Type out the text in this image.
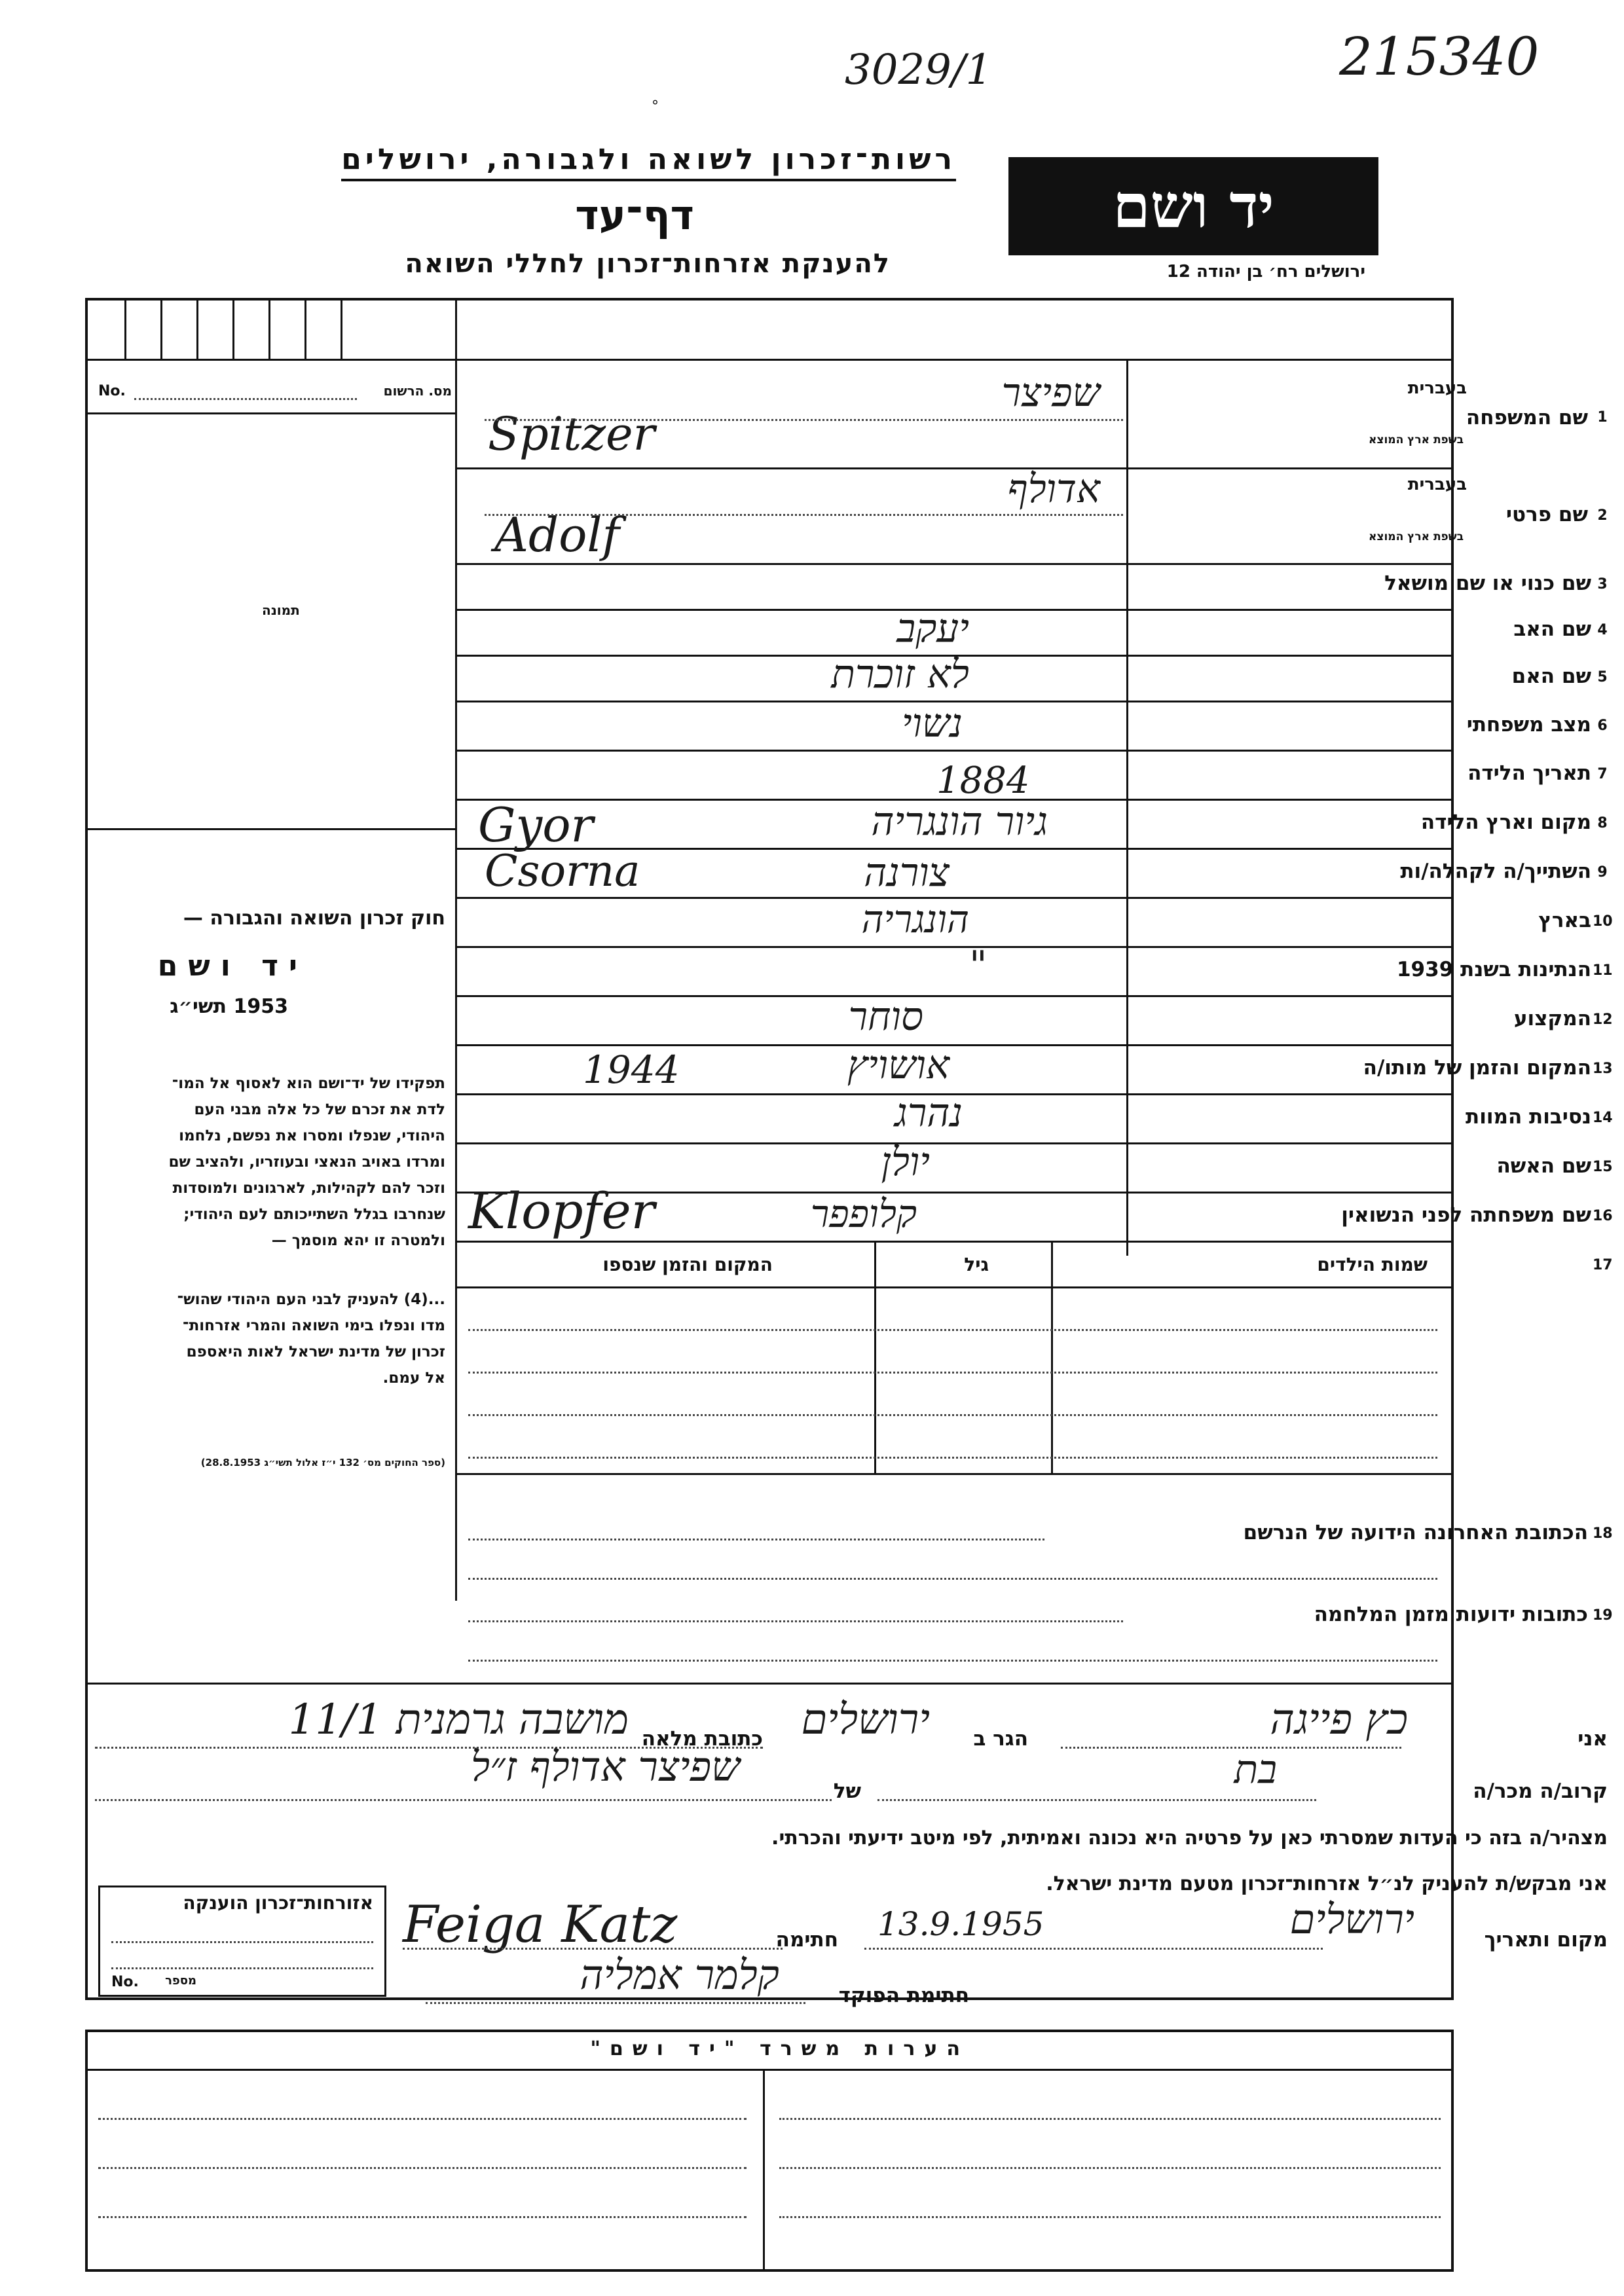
3029/1	215340
°
רשות־זכרון לשואה ולגבורה, ירושלים
דף־עד
להענקת אזרחות־זכרון לחללי השואה
יד ושם
ירושלים רח׳ בן יהודה 12
No.	מס. הרשום
תמונה
חוק זכרון השואה והגבורה —
יד ושם
1953 תשי״ג
תפקידו של יד־ושם הוא לאסוף אל המו־
לדת את זכרם של כל אלה מבני העם
היהודי, שנפלו ומסרו את נפשם, נלחמו
ומרדו באויב הנאצי ובעוזריו, ולהציב שם
וזכר להם לקהילות, לארגונים ולמוסדות
שנחרבו בגלל השתייכותם לעם היהודי;
ולמטרה זו יהא מוסמך —
...(4) להעניק לבני העם היהודי שהוש־
מדו ונפלו בימי השואה והמרי אזרחות־
זכרון של מדינת ישראל לאות היאספם
אל עמם.
(ספר החוקים מס׳ 132 י״ז אלול תשי״ג 28.8.1953)
1
בעברית
שם המשפחה
בשפת ארץ המוצא
שפיצר
Spitzer
2
בעברית
שם פרטי
בשפת ארץ המוצא
אדולף
Adolf
3
שם כנוי או שם מושאל
4
שם האב
יעקב
5
שם האם
לא זוכרת
6
מצב משפחתי
נשוי
7
תאריך הלידה
1884
8
מקום וארץ הלידה
גיור הונגריה
Gyor
9
השתייך/ה לקהלה/ות
צורנה
Csorna
10
בארץ
הונגריה
11
הנתינות בשנת 1939
"
12
המקצוע
סוחר
13
המקום והזמן של מותו/ה
אושויץ
1944
14
נסיבות המוות
נהרג
15
שם האשה
יולן
16
שם משפחתה לפני הנשואין
קלופפר
Klopfer
17
שמות הילדים
גיל
המקום והזמן שנספו
18
הכתובת האחרונה הידועה של הנרשם
19
כתובות ידועות מזמן המלחמה
אני
כץ פייגה
הגר ב
ירושלים
כתובת מלאה
מושבה גרמנית 11/1
קרוב/ה מכר/ה
בת
של
שפיצר אדולף ז״ל
מצהיר/ה בזה כי העדות שמסרתי כאן על פרטיה היא נכונה ואמיתית, לפי מיטב ידיעתי והכרתי.
אני מבקש/ת להעניק לנ״ל אזרחות־זכרון מטעם מדינת ישראל.
אזורחות־זכרון הוענקה
No. מספר
מקום ותאריך
ירושלים
13.9.1955
חתימה
Feiga Katz
חתימת הפוקד
קלמר אמליה
הערות משרד "יד ושם"
